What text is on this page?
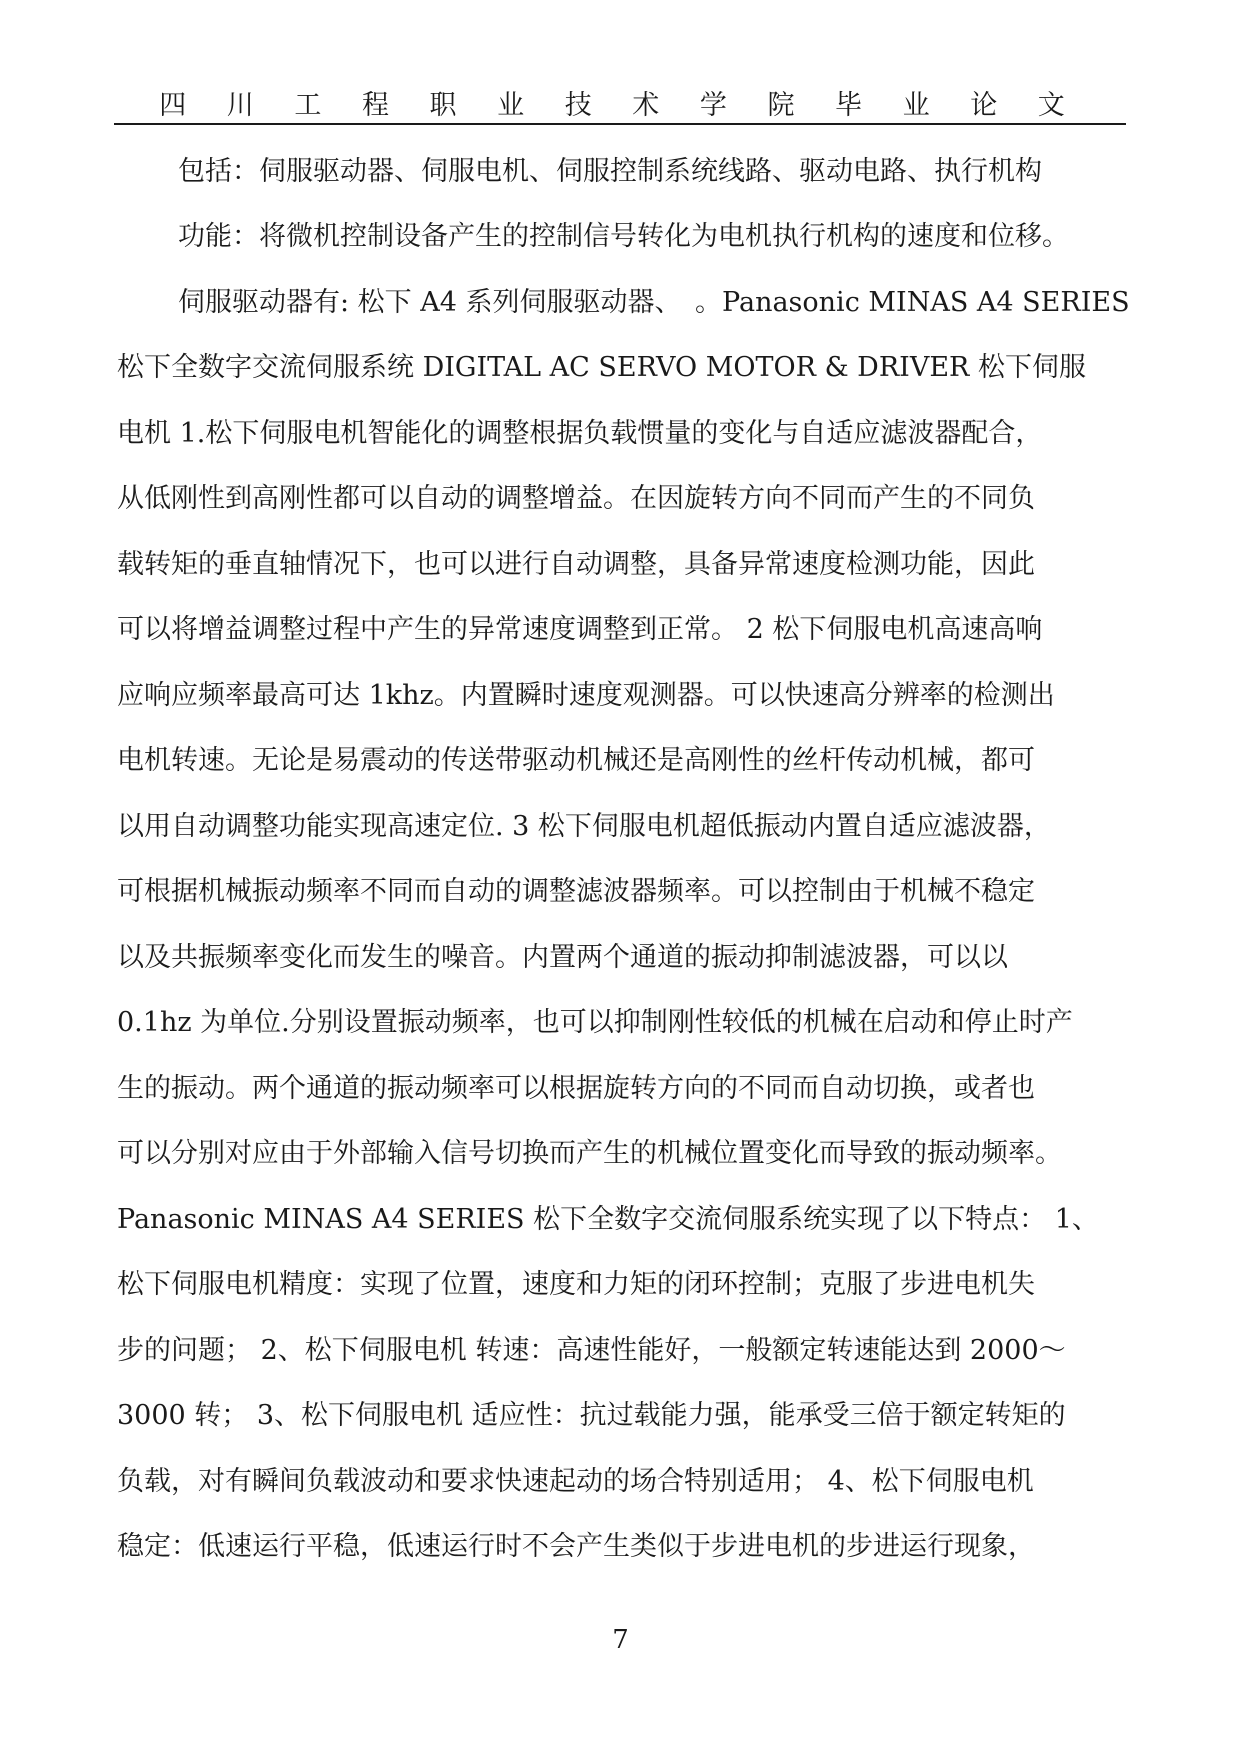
四 川 工 程 职 业 技 术 学 院 毕 业 论 文
包括：伺服驱动器、伺服电机、伺服控制系统线路、驱动电路、执行机构
功能：将微机控制设备产生的控制信号转化为电机执行机构的速度和位移。
伺服驱动器有: 松下 A4 系列伺服驱动器、　。Panasonic MINAS A4 SERIES
松下全数字交流伺服系统 DIGITAL AC SERVO MOTOR & DRIVER 松下伺服
电机 1.松下伺服电机智能化的调整根据负载惯量的变化与自适应滤波器配合，
从低刚性到高刚性都可以自动的调整增益。在因旋转方向不同而产生的不同负
载转矩的垂直轴情况下，也可以进行自动调整，具备异常速度检测功能，因此
可以将增益调整过程中产生的异常速度调整到正常。 2 松下伺服电机高速高响
应响应频率最高可达 1khz。内置瞬时速度观测器。可以快速高分辨率的检测出
电机转速。无论是易震动的传送带驱动机械还是高刚性的丝杆传动机械，都可
以用自动调整功能实现高速定位. 3 松下伺服电机超低振动内置自适应滤波器，
可根据机械振动频率不同而自动的调整滤波器频率。可以控制由于机械不稳定
以及共振频率变化而发生的噪音。内置两个通道的振动抑制滤波器，可以以
0.1hz 为单位.分别设置振动频率，也可以抑制刚性较低的机械在启动和停止时产
生的振动。两个通道的振动频率可以根据旋转方向的不同而自动切换，或者也
可以分别对应由于外部输入信号切换而产生的机械位置变化而导致的振动频率。
Panasonic MINAS A4 SERIES 松下全数字交流伺服系统实现了以下特点： 1、
松下伺服电机精度：实现了位置，速度和力矩的闭环控制；克服了步进电机失
步的问题； 2、松下伺服电机 转速：高速性能好，一般额定转速能达到 2000～
3000 转； 3、松下伺服电机 适应性：抗过载能力强，能承受三倍于额定转矩的
负载，对有瞬间负载波动和要求快速起动的场合特别适用； 4、松下伺服电机
稳定：低速运行平稳，低速运行时不会产生类似于步进电机的步进运行现象，
7
